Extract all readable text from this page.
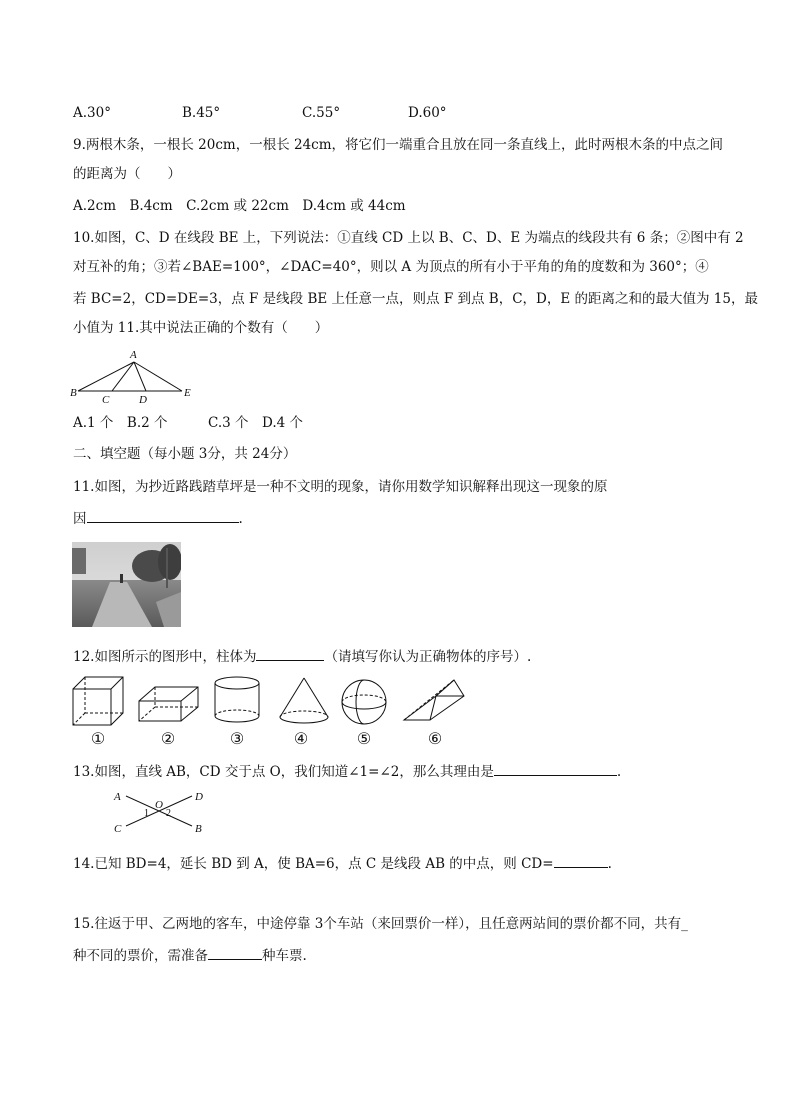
A.30°	B.45°	C.55°	D.60°
9.两根木条，一根长 20cm，一根长 24cm，将它们一端重合且放在同一条直线上，此时两根木条的中点之间
的距离为（　　）
A.2cm　B.4cm　C.2cm 或 22cm　D.4cm 或 44cm
10.如图，C、D 在线段 BE 上，下列说法：①直线 CD 上以 B、C、D、E 为端点的线段共有 6 条；②图中有 2
对互补的角；③若∠BAE=100°，∠DAC=40°，则以 A 为顶点的所有小于平角的角的度数和为 360°；④
若 BC=2，CD=DE=3，点 F 是线段 BE 上任意一点，则点 F 到点 B，C，D，E 的距离之和的最大值为 15，最
小值为 11.其中说法正确的个数有（　　）
A
B
C	D
E
A.1 个　B.2 个　　　C.3 个　D.4 个
二、填空题（每小题 3分，共 24分）
11.如图，为抄近路践踏草坪是一种不文明的现象，请你用数学知识解释出现这一现象的原
因	.
12.如图所示的图形中，柱体为	（请填写你认为正确物体的序号）.
①	②	③	④	⑤	⑥
13.如图，直线 AB，CD 交于点 O，我们知道∠1=∠2，那么其理由是	.
A	D
C	B
O
1 2
14.已知 BD=4，延长 BD 到 A，使 BA=6，点 C 是线段 AB 的中点，则 CD=	.
15.往返于甲、乙两地的客车，中途停靠 3个车站（来回票价一样），且任意两站间的票价都不同，共有_
种不同的票价，需准备	种车票.
